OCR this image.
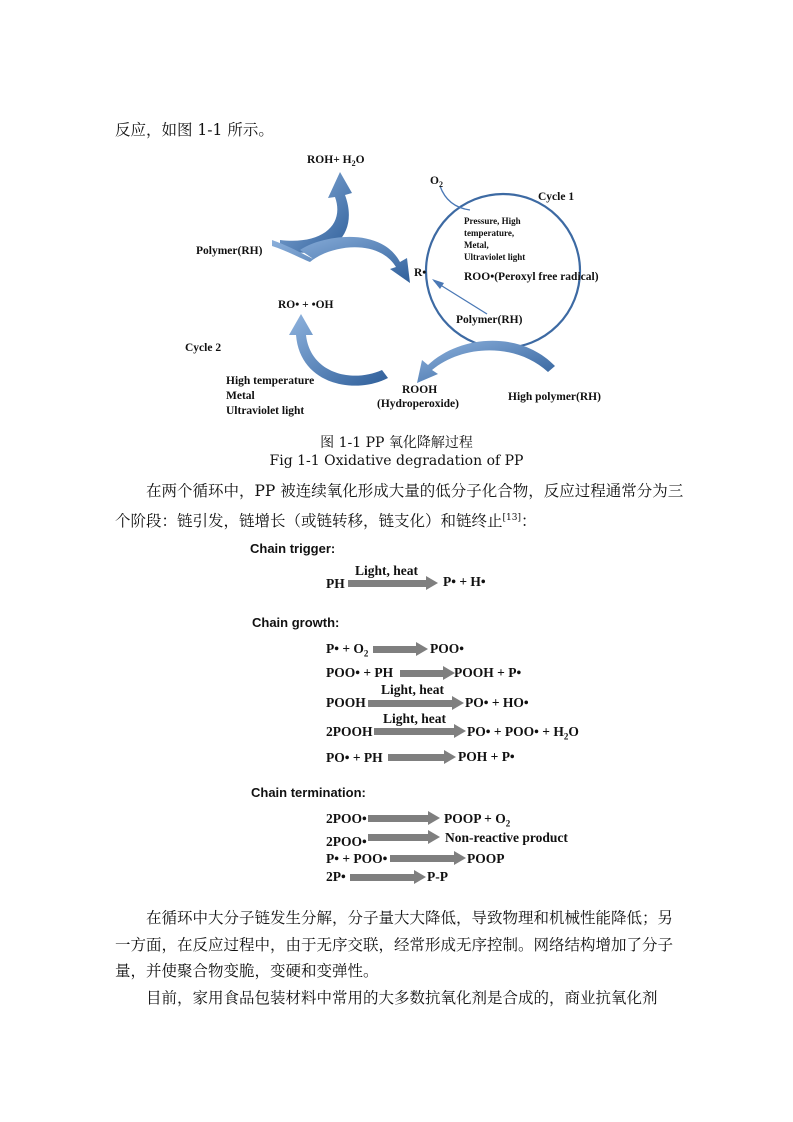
反应，如图 1-1 所示。

$ROH+ H_2O$
$O_2$
Cycle 1
Pressure, High
temperature,
Metal,
Ultraviolet light
Polymer(RH)
R•	ROO•(Peroxyl free radical)
RO• + •OH
Polymer(RH)
Cycle 2
High temperature
Metal
Ultraviolet light
ROOH
(Hydroperoxide)
High polymer(RH)
图 1-1 PP 氧化降解过程
Fig 1-1 Oxidative degradation of PP

在两个循环中，PP 被连续氧化形成大量的低分子化合物，反应过程通常分为三个阶段：链引发，链增长（或链转移，链支化）和链终止[13]：

Chain trigger:
PH
Light, heat
P• + H•
Chain growth:
P• + $O_2$	POO•
POO• + PH	POOH + P•
Light, heat
POOH	PO• + HO•
Light, heat
2POOH	PO• + POO• + $H_2O$
PO• + PH	POH + P•
Chain termination:
2POO•	POOP + $O_2$
2POO•	Non-reactive product
P• + POO•	POOP
2P•	P-P

在循环中大分子链发生分解，分子量大大降低，导致物理和机械性能降低；另一方面，在反应过程中，由于无序交联，经常形成无序控制。网络结构增加了分子量，并使聚合物变脆，变硬和变弹性。

目前，家用食品包装材料中常用的大多数抗氧化剂是合成的，商业抗氧化剂
